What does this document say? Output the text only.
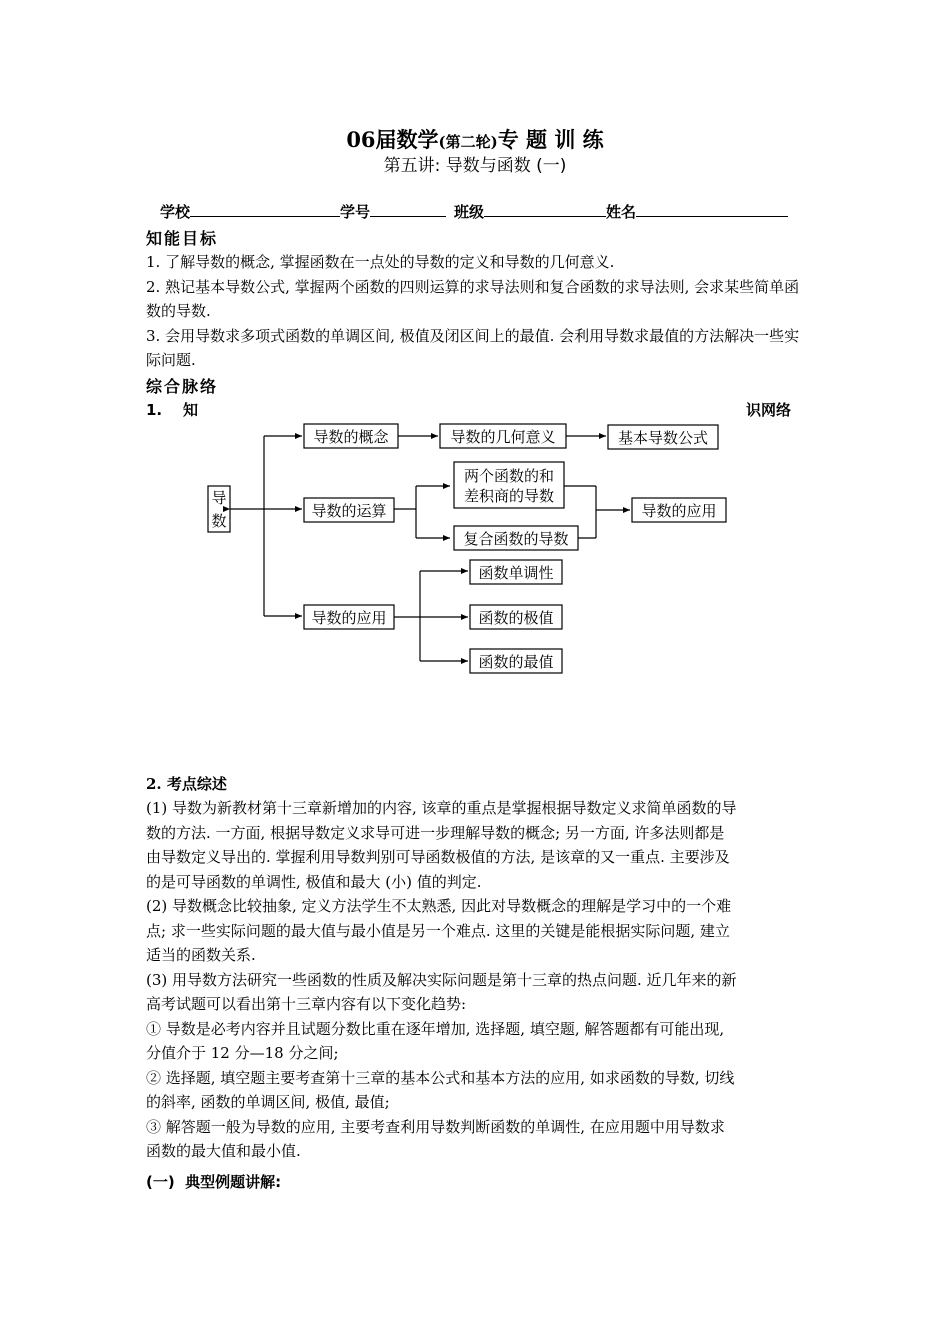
06届数学(第二轮)专 题 训 练
第五讲: 导数与函数 (一)
学校	学号	班级	姓名
知能目标
1. 了解导数的概念, 掌握函数在一点处的导数的定义和导数的几何意义.
2. 熟记基本导数公式, 掌握两个函数的四则运算的求导法则和复合函数的求导法则, 会求某些简单函数的导数.
3. 会用导数求多项式函数的单调区间, 极值及闭区间上的最值. 会利用导数求最值的方法解决一些实际问题.
综合脉络
1.    知	识网络
导
数
导数的概念	导数的几何意义	基本导数公式
导数的运算
两个函数的和
差积商的导数
复合函数的导数
导数的应用
导数的应用
函数单调性
函数的极值
函数的最值
2. 考点综述
(1) 导数为新教材第十三章新增加的内容, 该章的重点是掌握根据导数定义求简单函数的导
数的方法. 一方面, 根据导数定义求导可进一步理解导数的概念; 另一方面, 许多法则都是
由导数定义导出的. 掌握利用导数判别可导函数极值的方法, 是该章的又一重点. 主要涉及
的是可导函数的单调性, 极值和最大 (小) 值的判定.
(2) 导数概念比较抽象, 定义方法学生不太熟悉, 因此对导数概念的理解是学习中的一个难
点; 求一些实际问题的最大值与最小值是另一个难点. 这里的关键是能根据实际问题, 建立
适当的函数关系.
(3) 用导数方法研究一些函数的性质及解决实际问题是第十三章的热点问题. 近几年来的新
高考试题可以看出第十三章内容有以下变化趋势:
① 导数是必考内容并且试题分数比重在逐年增加, 选择题, 填空题, 解答题都有可能出现,
分值介于 12 分—18 分之间;
② 选择题, 填空题主要考查第十三章的基本公式和基本方法的应用, 如求函数的导数, 切线
的斜率, 函数的单调区间, 极值, 最值;
③ 解答题一般为导数的应用, 主要考查利用导数判断函数的单调性, 在应用题中用导数求
函数的最大值和最小值.
(一)  典型例题讲解:
